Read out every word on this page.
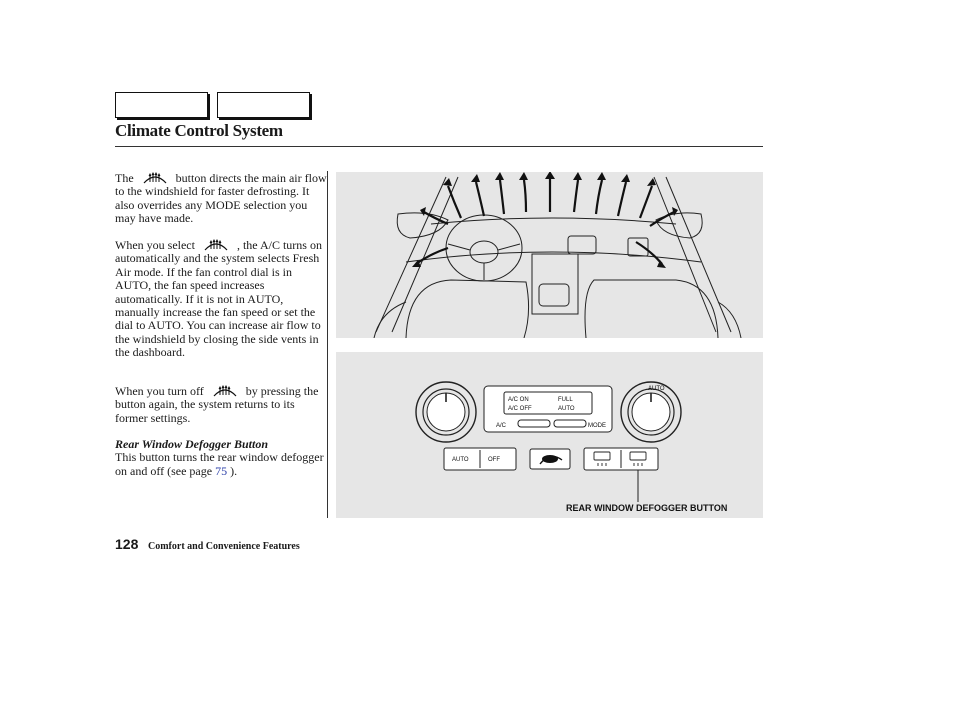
Climate Control System

The	button directs the main air flow to the windshield for faster defrosting. It also overrides any MODE selection you may have made.

When you select	, the A/C turns on automatically and the system selects Fresh Air mode. If the fan control dial is in AUTO, the fan speed increases automatically. If it is not in AUTO, manually increase the fan speed or set the dial to AUTO. You can increase air flow to the windshield by closing the side vents in the dashboard.

When you turn off	by pressing the button again, the system returns to its former settings.

Rear Window Defogger Button

This button turns the rear window defogger on and off (see page 75 ).

A/C ON
A/C OFF
FULL
AUTO
A/C	MODE
AUTO
AUTO	OFF
REAR WINDOW DEFOGGER BUTTON
128 Comfort and Convenience Features
